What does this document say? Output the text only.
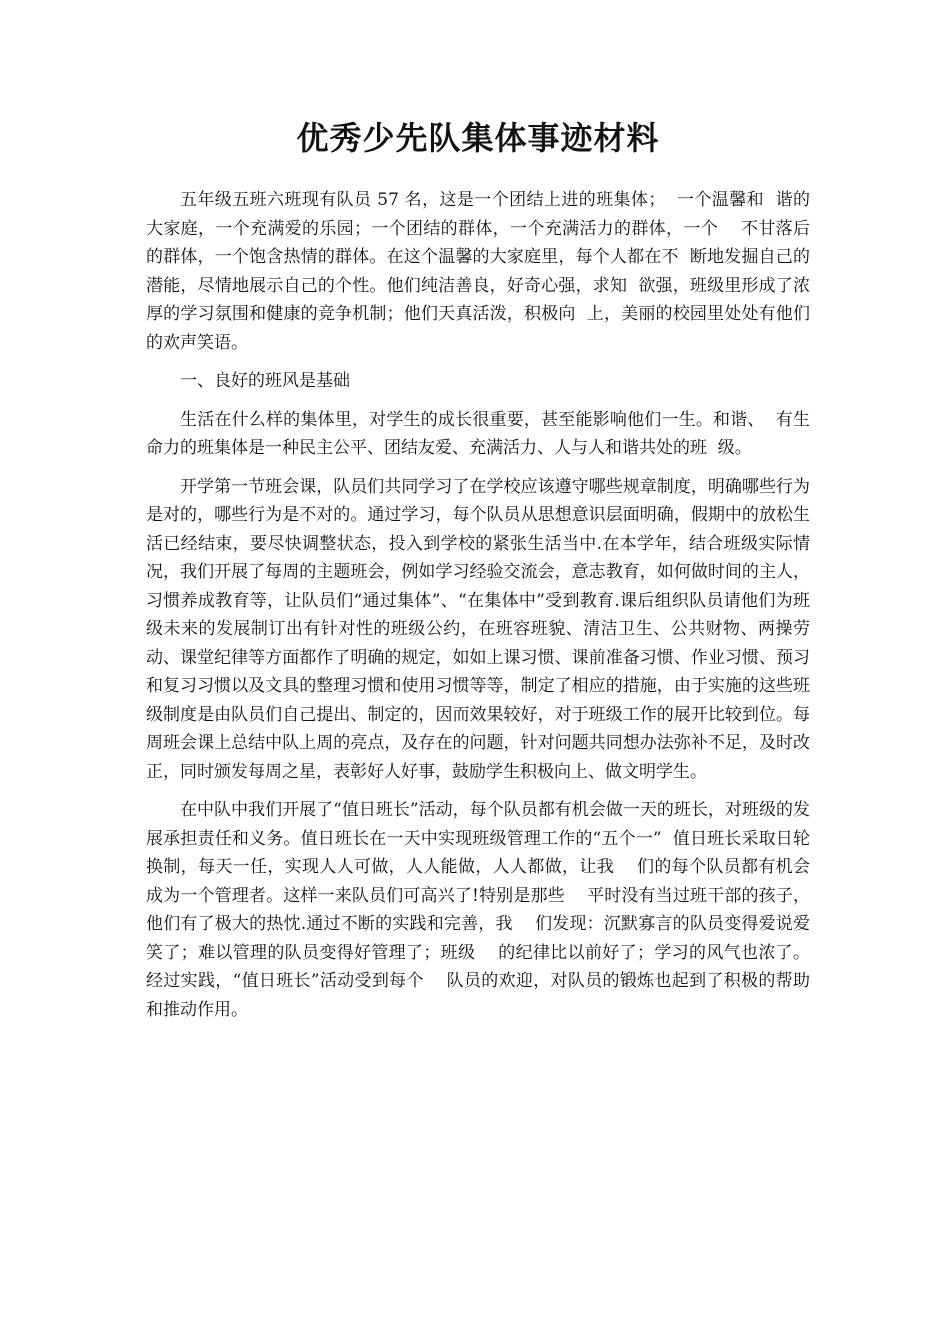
优秀少先队集体事迹材料

五年级五班六班现有队员 57 名，这是一个团结上进的班集体；  一个温馨和  谐的大家庭，一个充满爱的乐园；一个团结的群体，一个充满活力的群体，一个    不甘落后的群体，一个饱含热情的群体。在这个温馨的大家庭里，每个人都在不  断地发掘自己的潜能，尽情地展示自己的个性。他们纯洁善良，好奇心强，求知  欲强，班级里形成了浓厚的学习氛围和健康的竞争机制；他们天真活泼，积极向  上，美丽的校园里处处有他们的欢声笑语。

一、良好的班风是基础

生活在什么样的集体里，对学生的成长很重要，甚至能影响他们一生。和谐、  有生命力的班集体是一种民主公平、团结友爱、充满活力、人与人和谐共处的班  级。

开学第一节班会课，队员们共同学习了在学校应该遵守哪些规章制度，明确哪些行为是对的，哪些行为是不对的。通过学习，每个队员从思想意识层面明确，假期中的放松生活已经结束，要尽快调整状态，投入到学校的紧张生活当中.在本学年，结合班级实际情况，我们开展了每周的主题班会，例如学习经验交流会，意志教育，如何做时间的主人，习惯养成教育等，让队员们“通过集体”、“在集体中”受到教育.课后组织队员请他们为班级未来的发展制订出有针对性的班级公约，在班容班貌、清洁卫生、公共财物、两操劳动、课堂纪律等方面都作了明确的规定，如如上课习惯、课前准备习惯、作业习惯、预习和复习习惯以及文具的整理习惯和使用习惯等等，制定了相应的措施，由于实施的这些班级制度是由队员们自己提出、制定的，因而效果较好，对于班级工作的展开比较到位。每周班会课上总结中队上周的亮点，及存在的问题，针对问题共同想办法弥补不足，及时改正，同时颁发每周之星，表彰好人好事，鼓励学生积极向上、做文明学生。

在中队中我们开展了“值日班长”活动，每个队员都有机会做一天的班长，对班级的发展承担责任和义务。值日班长在一天中实现班级管理工作的“五个一”  值日班长采取日轮换制，每天一任，实现人人可做，人人能做，人人都做，让我    们的每个队员都有机会成为一个管理者。这样一来队员们可高兴了!特别是那些    平时没有当过班干部的孩子，他们有了极大的热忱.通过不断的实践和完善，我    们发现：沉默寡言的队员变得爱说爱笑了；难以管理的队员变得好管理了；班级    的纪律比以前好了；学习的风气也浓了。经过实践，“值日班长”活动受到每个    队员的欢迎，对队员的锻炼也起到了积极的帮助和推动作用。
